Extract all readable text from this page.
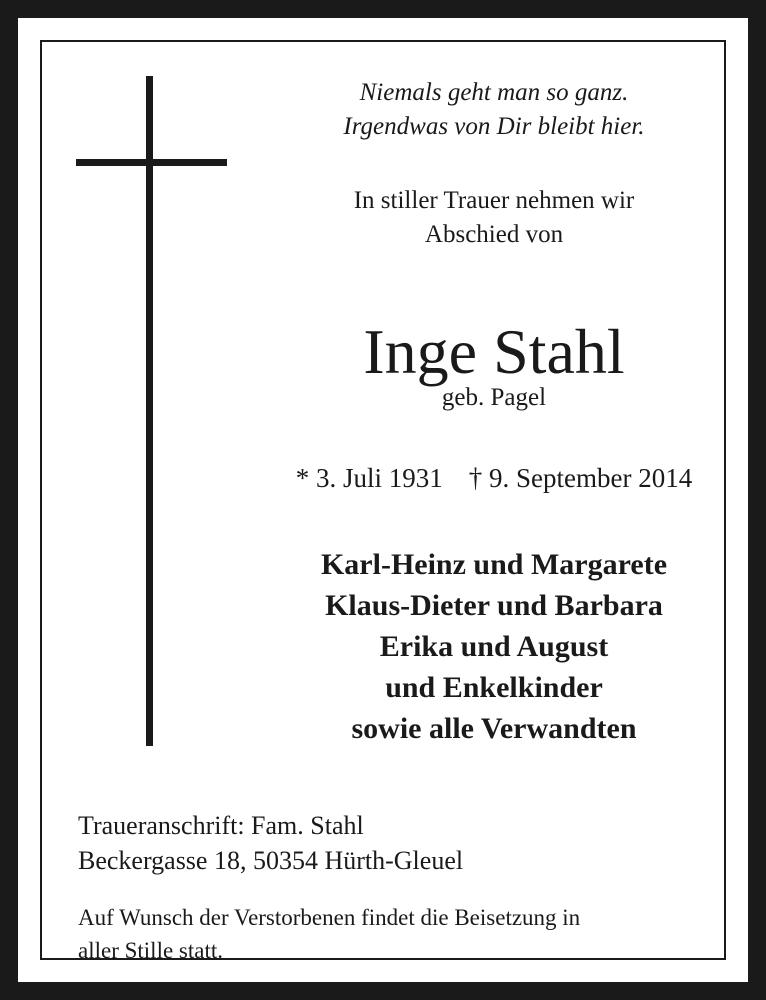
Niemals geht man so ganz.
Irgendwas von Dir bleibt hier.
In stiller Trauer nehmen wir
Abschied von
Inge Stahl
geb. Pagel
* 3. Juli 1931 † 9. September 2014
Karl-Heinz und Margarete
Klaus-Dieter und Barbara
Erika und August
und Enkelkinder
sowie alle Verwandten
Traueranschrift: Fam. Stahl
Beckergasse 18, 50354 Hürth-Gleuel
Auf Wunsch der Verstorbenen findet die Beisetzung in
aller Stille statt.
